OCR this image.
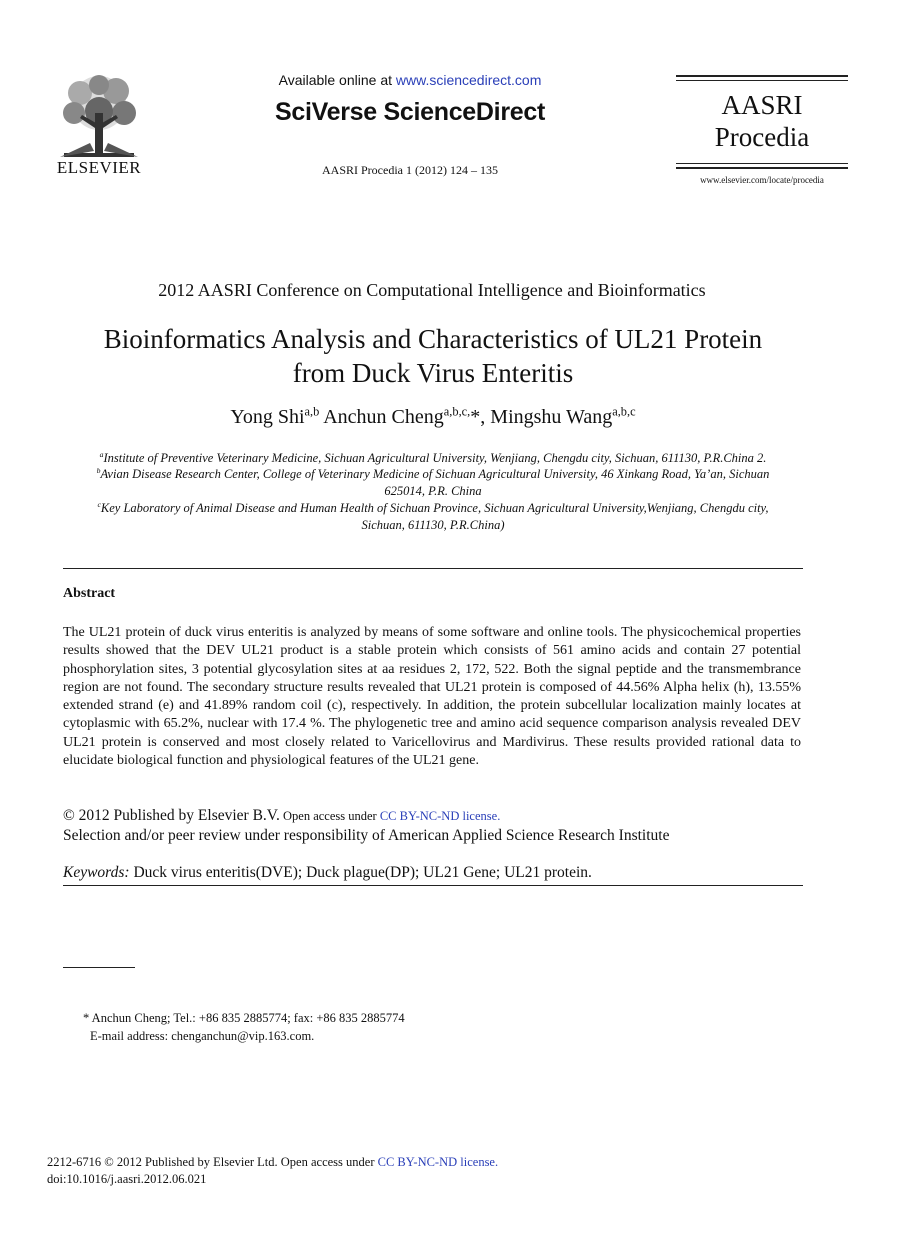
ELSEVIER
Available online at www.sciencedirect.com
SciVerse ScienceDirect
AASRI Procedia 1 (2012) 124 – 135
AASRI
Procedia
www.elsevier.com/locate/procedia
2012 AASRI Conference on Computational Intelligence and Bioinformatics
Bioinformatics Analysis and Characteristics of UL21 Protein
from Duck Virus Enteritis
Yong Shi$^{a,b}$ Anchun Cheng$^{a,b,c,}$*, Mingshu Wang$^{a,b,c}$
$^a$Institute of Preventive Veterinary Medicine, Sichuan Agricultural University, Wenjiang, Chengdu city, Sichuan, 611130, P.R.China 2.
$^b$Avian Disease Research Center, College of Veterinary Medicine of Sichuan Agricultural University, 46 Xinkang Road, Ya’an, Sichuan
625014, P.R. China
$^c$Key Laboratory of Animal Disease and Human Health of Sichuan Province, Sichuan Agricultural University,Wenjiang, Chengdu city,
Sichuan, 611130, P.R.China)
Abstract
The UL21 protein of duck virus enteritis is analyzed by means of some software and online tools. The physicochemical properties results showed that the DEV UL21 product is a stable protein which consists of 561 amino acids and contain 27 potential phosphorylation sites, 3 potential glycosylation sites at aa residues 2, 172, 522. Both the signal peptide and the transmembrance region are not found. The secondary structure results revealed that UL21 protein is composed of 44.56% Alpha helix (h), 13.55% extended strand (e) and 41.89% random coil (c), respectively. In addition, the protein subcellular localization mainly locates at cytoplasmic with 65.2%, nuclear with 17.4 %. The phylogenetic tree and amino acid sequence comparison analysis revealed DEV UL21 protein is conserved and most closely related to Varicellovirus and Mardivirus. These results provided rational data to elucidate biological function and physiological features of the UL21 gene.
© 2012 Published by Elsevier B.V. Open access under CC BY-NC-ND license.
Selection and/or peer review under responsibility of American Applied Science Research Institute
Keywords: Duck virus enteritis(DVE); Duck plague(DP); UL21 Gene; UL21 protein.
* Anchun Cheng; Tel.: +86 835 2885774; fax: +86 835 2885774
E-mail address: chenganchun@vip.163.com.
2212-6716 © 2012 Published by Elsevier Ltd. Open access under CC BY-NC-ND license.
doi:10.1016/j.aasri.2012.06.021
